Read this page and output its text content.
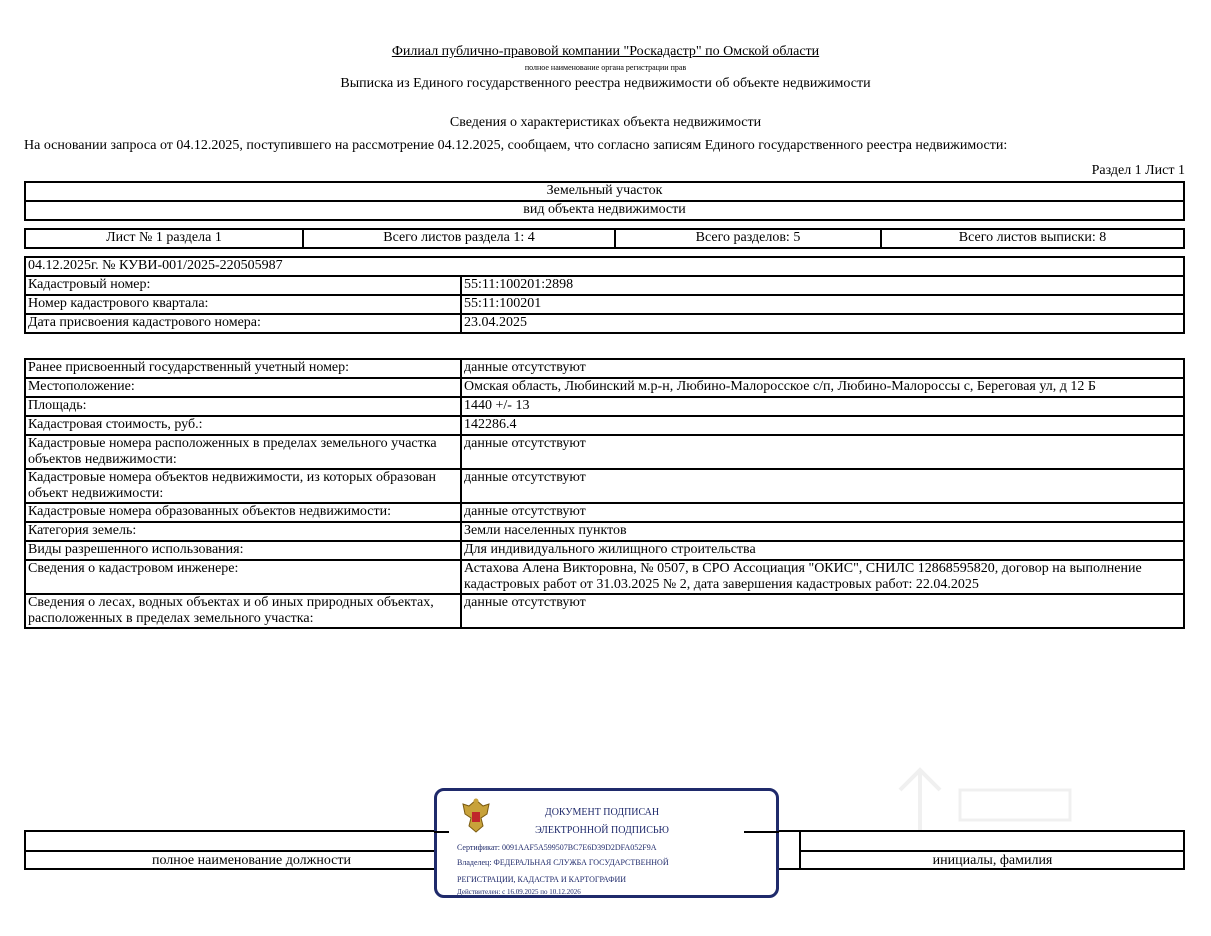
Филиал публично-правовой компании "Роскадастр" по Омской области
полное наименование органа регистрации прав
Выписка из Единого государственного реестра недвижимости об объекте недвижимости
Сведения о характеристиках объекта недвижимости
На основании запроса от 04.12.2025, поступившего на рассмотрение 04.12.2025, сообщаем, что согласно записям Единого государственного реестра недвижимости:
Раздел 1 Лист 1
Земельный участок
вид объекта недвижимости
Лист № 1 раздела 1	Всего листов раздела 1: 4	Всего разделов: 5	Всего листов выписки: 8
04.12.2025г. № КУВИ-001/2025-220505987	
Кадастровый номер:	55:11:100201:2898
Номер кадастрового квартала:	55:11:100201
Дата присвоения кадастрового номера:	23.04.2025
Ранее присвоенный государственный учетный номер:	данные отсутствуют
Местоположение:	Омская область, Любинский м.р-н, Любино-Малоросское с/п, Любино-Малороссы с, Береговая ул, д 12 Б
Площадь:	1440 +/- 13
Кадастровая стоимость, руб.:	142286.4
Кадастровые номера расположенных в пределах земельного участка объектов недвижимости:	данные отсутствуют
Кадастровые номера объектов недвижимости, из которых образован объект недвижимости:	данные отсутствуют
Кадастровые номера образованных объектов недвижимости:	данные отсутствуют
Категория земель:	Земли населенных пунктов
Виды разрешенного использования:	Для индивидуального жилищного строительства
Сведения о кадастровом инженере:	Астахова Алена Викторовна, № 0507, в СРО Ассоциация "ОКИС", СНИЛС 12868595820, договор на выполнение кадастровых работ от 31.03.2025 № 2, дата завершения кадастровых работ: 22.04.2025
Сведения о лесах, водных объектах и об иных природных объектах, расположенных в пределах земельного участка:	данные отсутствуют
полное наименование должности	инициалы, фамилия
ДОКУМЕНТ ПОДПИСАН
ЭЛЕКТРОННОЙ ПОДПИСЬЮ
Сертификат: 0091AAF5A599507BC7E6D39D2DFA052F9A
Владелец: ФЕДЕРАЛЬНАЯ СЛУЖБА ГОСУДАРСТВЕННОЙ
РЕГИСТРАЦИИ, КАДАСТРА И КАРТОГРАФИИ
Действителен: с 16.09.2025 по 10.12.2026
